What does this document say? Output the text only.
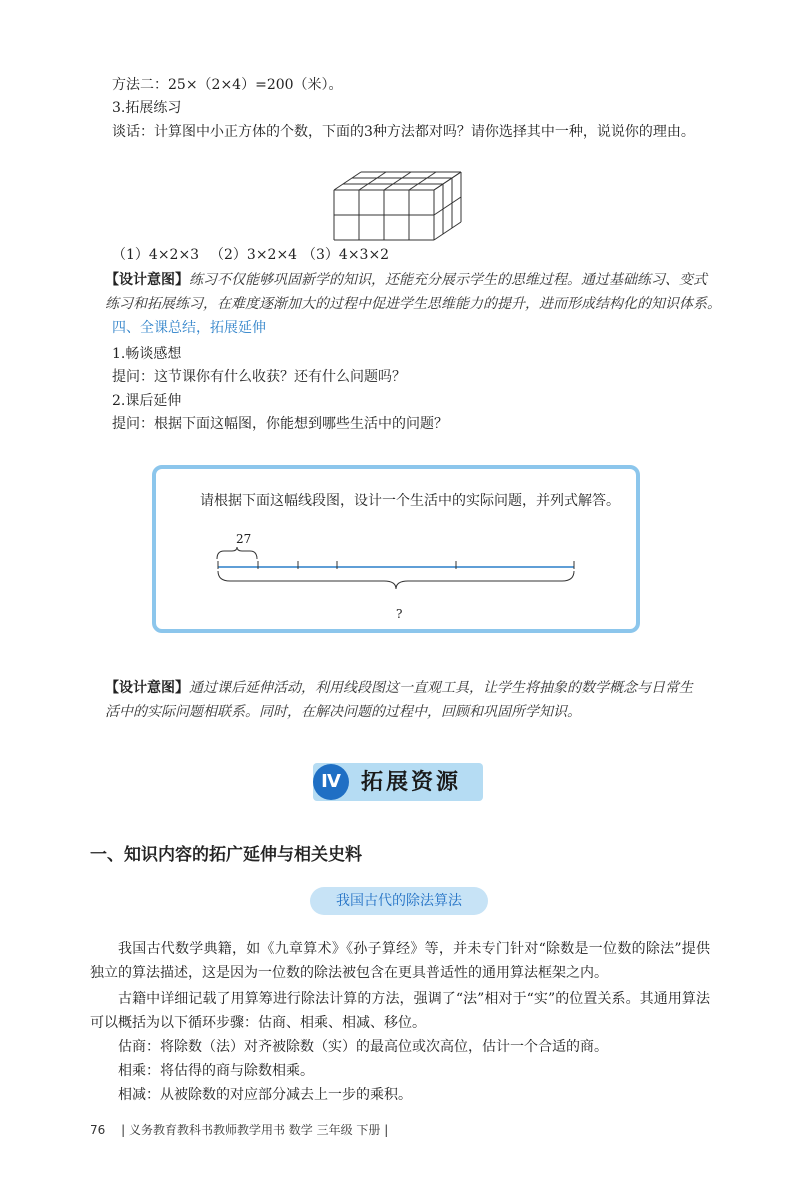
方法二：25×（2×4）=200（米）。
3.拓展练习
谈话：计算图中小正方体的个数，下面的3种方法都对吗？请你选择其中一种，说说你的理由。
（1）4×2×3 （2）3×2×4 （3）4×3×2
【设计意图】练习不仅能够巩固新学的知识，还能充分展示学生的思维过程。通过基础练习、变式
练习和拓展练习，在难度逐渐加大的过程中促进学生思维能力的提升，进而形成结构化的知识体系。
四、全课总结，拓展延伸
1.畅谈感想
提问：这节课你有什么收获？还有什么问题吗？
2.课后延伸
提问：根据下面这幅图，你能想到哪些生活中的问题？
请根据下面这幅线段图，设计一个生活中的实际问题，并列式解答。
27
?
【设计意图】通过课后延伸活动，利用线段图这一直观工具，让学生将抽象的数学概念与日常生
活中的实际问题相联系。同时，在解决问题的过程中，回顾和巩固所学知识。
Ⅳ 拓展资源
一、知识内容的拓广延伸与相关史料
我国古代的除法算法
我国古代数学典籍，如《九章算术》《孙子算经》等，并未专门针对“除数是一位数的除法”提供独立的算法描述，这是因为一位数的除法被包含在更具普适性的通用算法框架之内。
古籍中详细记载了用算筹进行除法计算的方法，强调了“法”相对于“实”的位置关系。其通用算法可以概括为以下循环步骤：估商、相乘、相减、移位。
估商：将除数（法）对齐被除数（实）的最高位或次高位，估计一个合适的商。
相乘：将估得的商与除数相乘。
相减：从被除数的对应部分减去上一步的乘积。
76 | 义务教育教科书教师教学用书 数学 三年级 下册 |
